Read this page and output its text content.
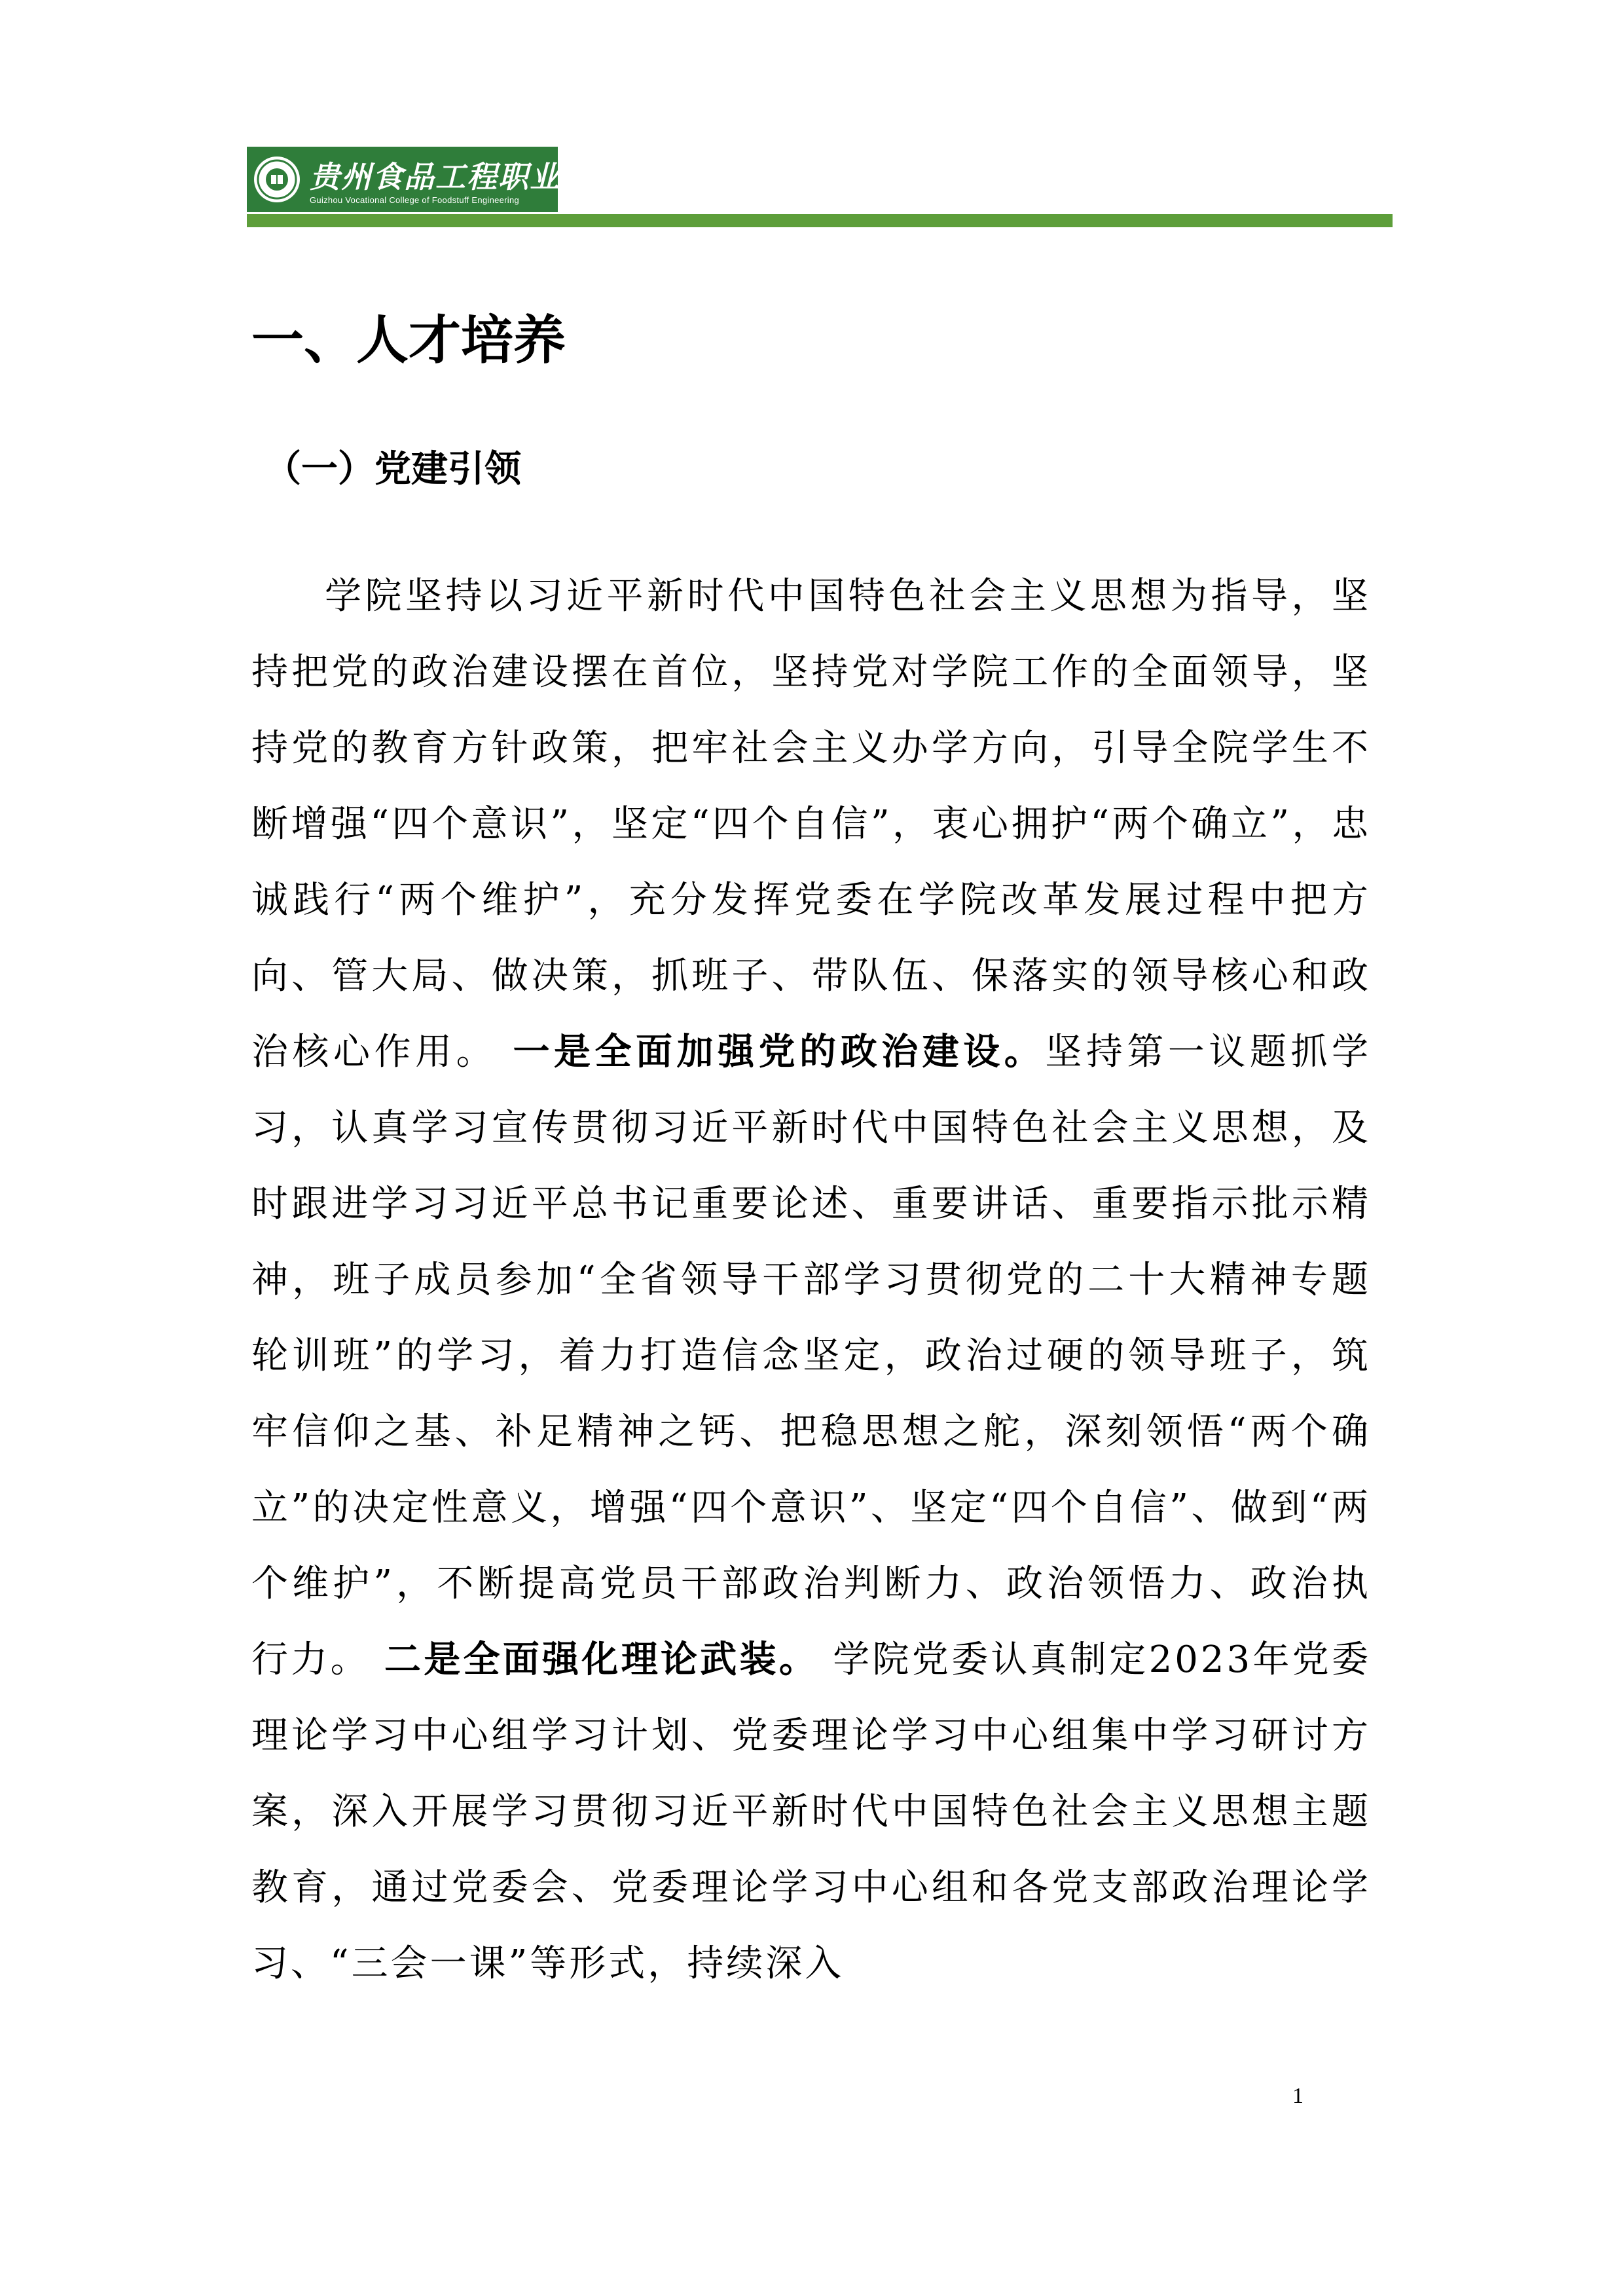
贵州食品工程职业学院
Guizhou Vocational College of Foodstuff Engineering
一、人才培养
（一）党建引领

学院坚持以习近平新时代中国特色社会主义思想为指导，坚持把党的政治建设摆在首位，坚持党对学院工作的全面领导，坚持党的教育方针政策，把牢社会主义办学方向，引导全院学生不断增强“四个意识”，坚定“四个自信”，衷心拥护“两个确立”，忠诚践行“两个维护”，充分发挥党委在学院改革发展过程中把方向、管大局、做决策，抓班子、带队伍、保落实的领导核心和政治核心作用。 一是全面加强党的政治建设。坚持第一议题抓学习，认真学习宣传贯彻习近平新时代中国特色社会主义思想，及时跟进学习习近平总书记重要论述、重要讲话、重要指示批示精神，班子成员参加“全省领导干部学习贯彻党的二十大精神专题轮训班”的学习，着力打造信念坚定，政治过硬的领导班子，筑牢信仰之基、补足精神之钙、把稳思想之舵，深刻领悟“两个确立”的决定性意义，增强“四个意识”、坚定“四个自信”、做到“两个维护”，不断提高党员干部政治判断力、政治领悟力、政治执行力。 二是全面强化理论武装。 学院党委认真制定2023年党委理论学习中心组学习计划、党委理论学习中心组集中学习研讨方案，深入开展学习贯彻习近平新时代中国特色社会主义思想主题教育，通过党委会、党委理论学习中心组和各党支部政治理论学习、“三会一课”等形式，持续深入

1
